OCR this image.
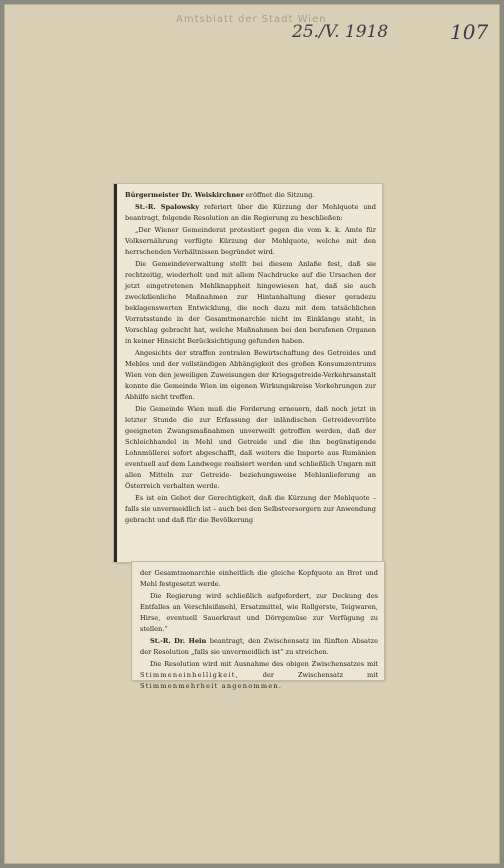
Amtsblatt der Stadt Wien
25./V. 1918	107

Bürgermeister Dr. Weiskirchner eröffnet die Sitzung.

St.-R. Spalowsky referiert über die Kürzung der Mehlquote und beantragt, folgende Resolution an die Regierung zu beschließen:

„Der Wiener Gemeinderat protestiert gegen die vom k. k. Amte für Volksernährung verfügte Kürzung der Mehlquote, welche mit den herrschenden Verhältnissen begründet wird.

Die Gemeindeverwaltung stellt bei diesem Anlaße fest, daß sie rechtzeitig, wiederholt und mit allem Nachdrucke auf die Ursachen der jetzt eingetretenen Mehlknappheit hingewiesen hat, daß sie auch zweckdienliche Maßnahmen zur Hintanhaltung dieser geradezu beklagenswerten Entwicklung, die noch dazu mit dem tatsächlichen Vorratsstande in der Gesamtmonarchie nicht im Einklange steht, in Vorschlag gebracht hat, welche Maßnahmen bei den berufenen Organen in keiner Hinsicht Berücksichtigung gefunden haben.

Angesichts der straffen zentralen Bewirtschaftung des Getreides und Mehles und der vollständigen Abhängigkeit des großen Konsumzentrums Wien von den jeweiligen Zuweisungen der Kriegsgetreide-Verkehrsanstalt konnte die Gemeinde Wien im eigenen Wirkungskreise Vorkehrungen zur Abhilfe nicht treffen.

Die Gemeinde Wien muß die Forderung erneuern, daß noch jetzt in letzter Stunde die zur Erfassung der inländischen Getreidevorräte geeigneten Zwangsmaßnahmen unverweilt getroffen werden, daß der Schleichhandel in Mehl und Getreide und die ihn begünstigende Lohnmüllerei sofort abgeschafft, daß weiters die Importe aus Rumänien eventuell auf dem Landwege realisiert werden und schließlich Ungarn mit allen Mitteln zur Getreide- beziehungsweise Mehlanlieferung an Österreich verhalten werde.

Es ist ein Gebot der Gerechtigkeit, daß die Kürzung der Mehlquote – falls sie unvermeidlich ist – auch bei den Selbstversorgern zur Anwendung gebracht und daß für die Bevölkerung

der Gesamtmonarchie einheitlich die gleiche Kopfquote an Brot und Mehl festgesetzt werde.

Die Regierung wird schließlich aufgefordert, zur Deckung des Entfalles an Verschleißmehl, Ersatzmittel, wie Rollgerste, Teigwaren, Hirse, eventuell Sauerkraut und Dörrgemüse zur Verfügung zu stellen.“

St.-R. Dr. Hein beantragt, den Zwischensatz im fünften Absatze der Resolution „falls sie unvermeidlich ist“ zu streichen.

Die Resolution wird mit Ausnahme des obigen Zwischensatzes mit Stimmeneinhelligkeit,	der Zwischensatz mit Stimmenmehrheit angenommen.
